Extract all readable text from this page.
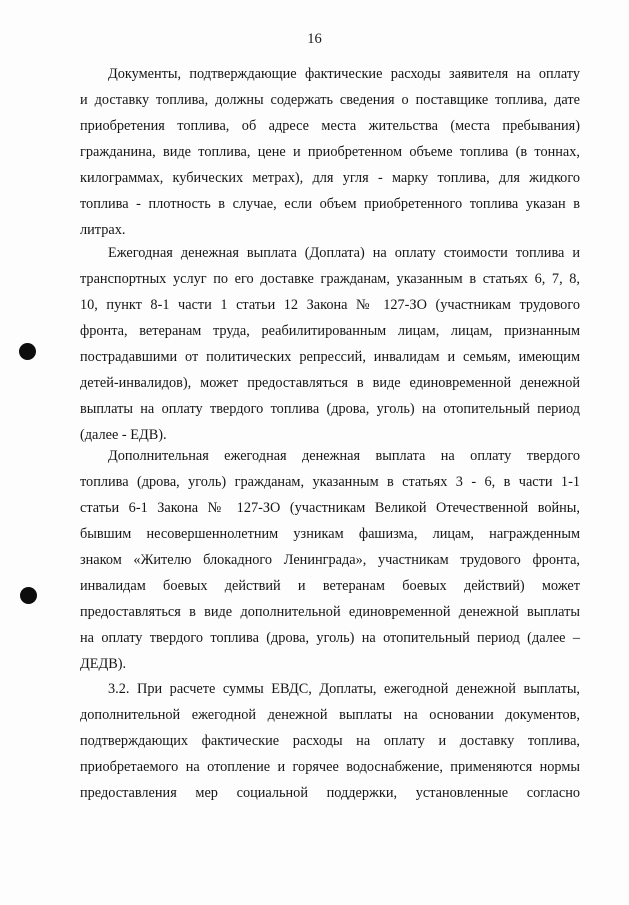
16
Документы, подтверждающие фактические расходы заявителя на оплату
и доставку топлива, должны содержать сведения о поставщике топлива, дате
приобретения топлива, об адресе места жительства (места пребывания)
гражданина, виде топлива, цене и приобретенном объеме топлива (в тоннах,
килограммах, кубических метрах), для угля - марку топлива, для жидкого
топлива - плотность в случае, если объем приобретенного топлива указан в
литрах.
Ежегодная денежная выплата (Доплата) на оплату стоимости топлива и
транспортных услуг по его доставке гражданам, указанным в статьях 6, 7, 8,
10, пункт 8-1 части 1 статьи 12 Закона № 127-ЗО (участникам трудового
фронта, ветеранам труда, реабилитированным лицам, лицам, признанным
пострадавшими от политических репрессий, инвалидам и семьям, имеющим
детей-инвалидов), может предоставляться в виде единовременной денежной
выплаты на оплату твердого топлива (дрова, уголь) на отопительный период
(далее - ЕДВ).
Дополнительная ежегодная денежная выплата на оплату твердого
топлива (дрова, уголь) гражданам, указанным в статьях 3 - 6, в части 1-1
статьи 6-1 Закона № 127-ЗО (участникам Великой Отечественной войны,
бывшим несовершеннолетним узникам фашизма, лицам, награжденным
знаком «Жителю блокадного Ленинграда», участникам трудового фронта,
инвалидам боевых действий и ветеранам боевых действий) может
предоставляться в виде дополнительной единовременной денежной выплаты
на оплату твердого топлива (дрова, уголь) на отопительный период (далее –
ДЕДВ).
3.2. При расчете суммы ЕВДС, Доплаты, ежегодной денежной выплаты,
дополнительной ежегодной денежной выплаты на основании документов,
подтверждающих фактические расходы на оплату и доставку топлива,
приобретаемого на отопление и горячее водоснабжение, применяются нормы
предоставления мер социальной поддержки, установленные согласно
